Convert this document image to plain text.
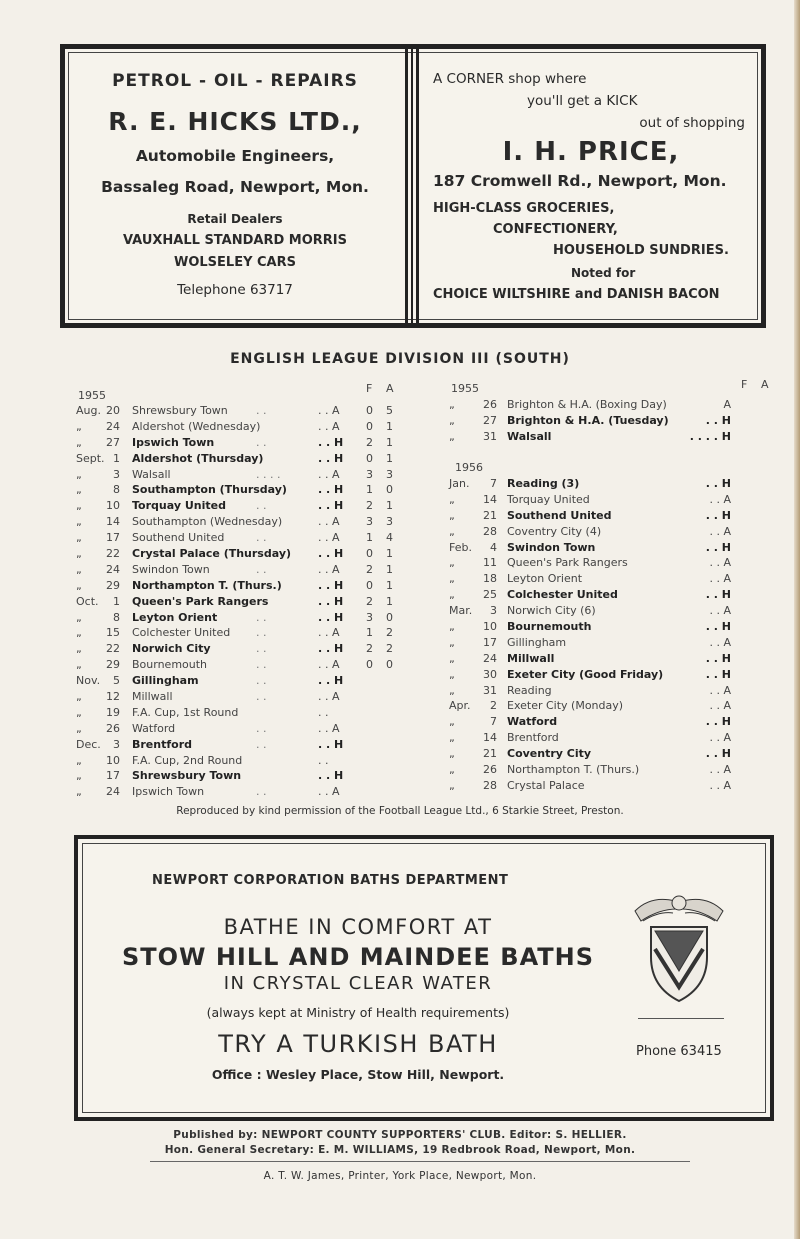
PETROL - OIL - REPAIRS
R. E. HICKS LTD.,
Automobile Engineers,
Bassaleg Road, Newport, Mon.
Retail Dealers
VAUXHALL STANDARD MORRIS
WOLSELEY CARS
Telephone 63717
A CORNER shop where
you'll get a KICK
out of shopping
I. H. PRICE,
187 Cromwell Rd., Newport, Mon.
HIGH-CLASS GROCERIES,
CONFECTIONERY,
HOUSEHOLD SUNDRIES.
Noted for
CHOICE WILTSHIRE and DANISH BACON
ENGLISH LEAGUE DIVISION III (SOUTH)
1955
F A
Aug. 20 Shrewsbury Town	. .	. . A 0 5
„	24 Aldershot (Wednesday)	. . A 0 1
„	27 Ipswich Town	. .	. . H 2 1
Sept. 1 Aldershot (Thursday)	. . H 0 1
„	3 Walsall	. . . .	. . A 3 3
„	8 Southampton (Thursday)	. . H 1 0
„	10 Torquay United	. .	. . H 2 1
„	14 Southampton (Wednesday)	. . A 3 3
„	17 Southend United	. .	. . A 1 4
„	22 Crystal Palace (Thursday) . . H 0 1
„	24 Swindon Town	. .	. . A 2 1
„	29 Northampton T. (Thurs.)	. . H 0 1
Oct.	1 Queen's Park Rangers	. . H 2 1
„	8 Leyton Orient	. .	. . H 3 0
„	15 Colchester United . .	. . A 1 2
„	22 Norwich City	. .	. . H 2 2
„	29 Bournemouth	. .	. . A 0 0
Nov.	5 Gillingham	. .	. . H
„	12 Millwall	. .	. . A
„	19 F.A. Cup, 1st Round	. .
„	26 Watford	. .	. . A
Dec.	3 Brentford	. .	. . H
„	10 F.A. Cup, 2nd Round	. .
„	17 Shrewsbury Town	. . H
„	24 Ipswich Town	. .	. . A
1955	F A
„	26 Brighton & H.A. (Boxing Day)	A
„	27 Brighton & H.A. (Tuesday)	. . H
„	31 Walsall	. . . . H
1956
Jan.	7 Reading (3)	. . H
„	14 Torquay United	. . A
„	21 Southend United	. . H
„	28 Coventry City (4)	. . A
Feb.	4 Swindon Town	. . H
„	11 Queen's Park Rangers	. . A
„	18 Leyton Orient	. . A
„	25 Colchester United	. . H
Mar.	3 Norwich City (6)	. . A
„	10 Bournemouth	. . H
„	17 Gillingham	. . A
„	24 Millwall	. . H
„	30 Exeter City (Good Friday)	. . H
„	31 Reading	. . A
Apr.	2 Exeter City (Monday)	. . A
„	7 Watford	. . H
„	14 Brentford	. . A
„	21 Coventry City	. . H
„	26 Northampton T. (Thurs.)	. . A
„	28 Crystal Palace	. . A
Reproduced by kind permission of the Football League Ltd., 6 Starkie Street, Preston.
NEWPORT CORPORATION BATHS DEPARTMENT
BATHE IN COMFORT AT
STOW HILL AND MAINDEE BATHS
IN CRYSTAL CLEAR WATER
(always kept at Ministry of Health requirements)
TRY A TURKISH BATH
Office : Wesley Place, Stow Hill, Newport.
Phone 63415
Published by: NEWPORT COUNTY SUPPORTERS' CLUB. Editor: S. HELLIER.
Hon. General Secretary: E. M. WILLIAMS, 19 Redbrook Road, Newport, Mon.
A. T. W. James, Printer, York Place, Newport, Mon.
